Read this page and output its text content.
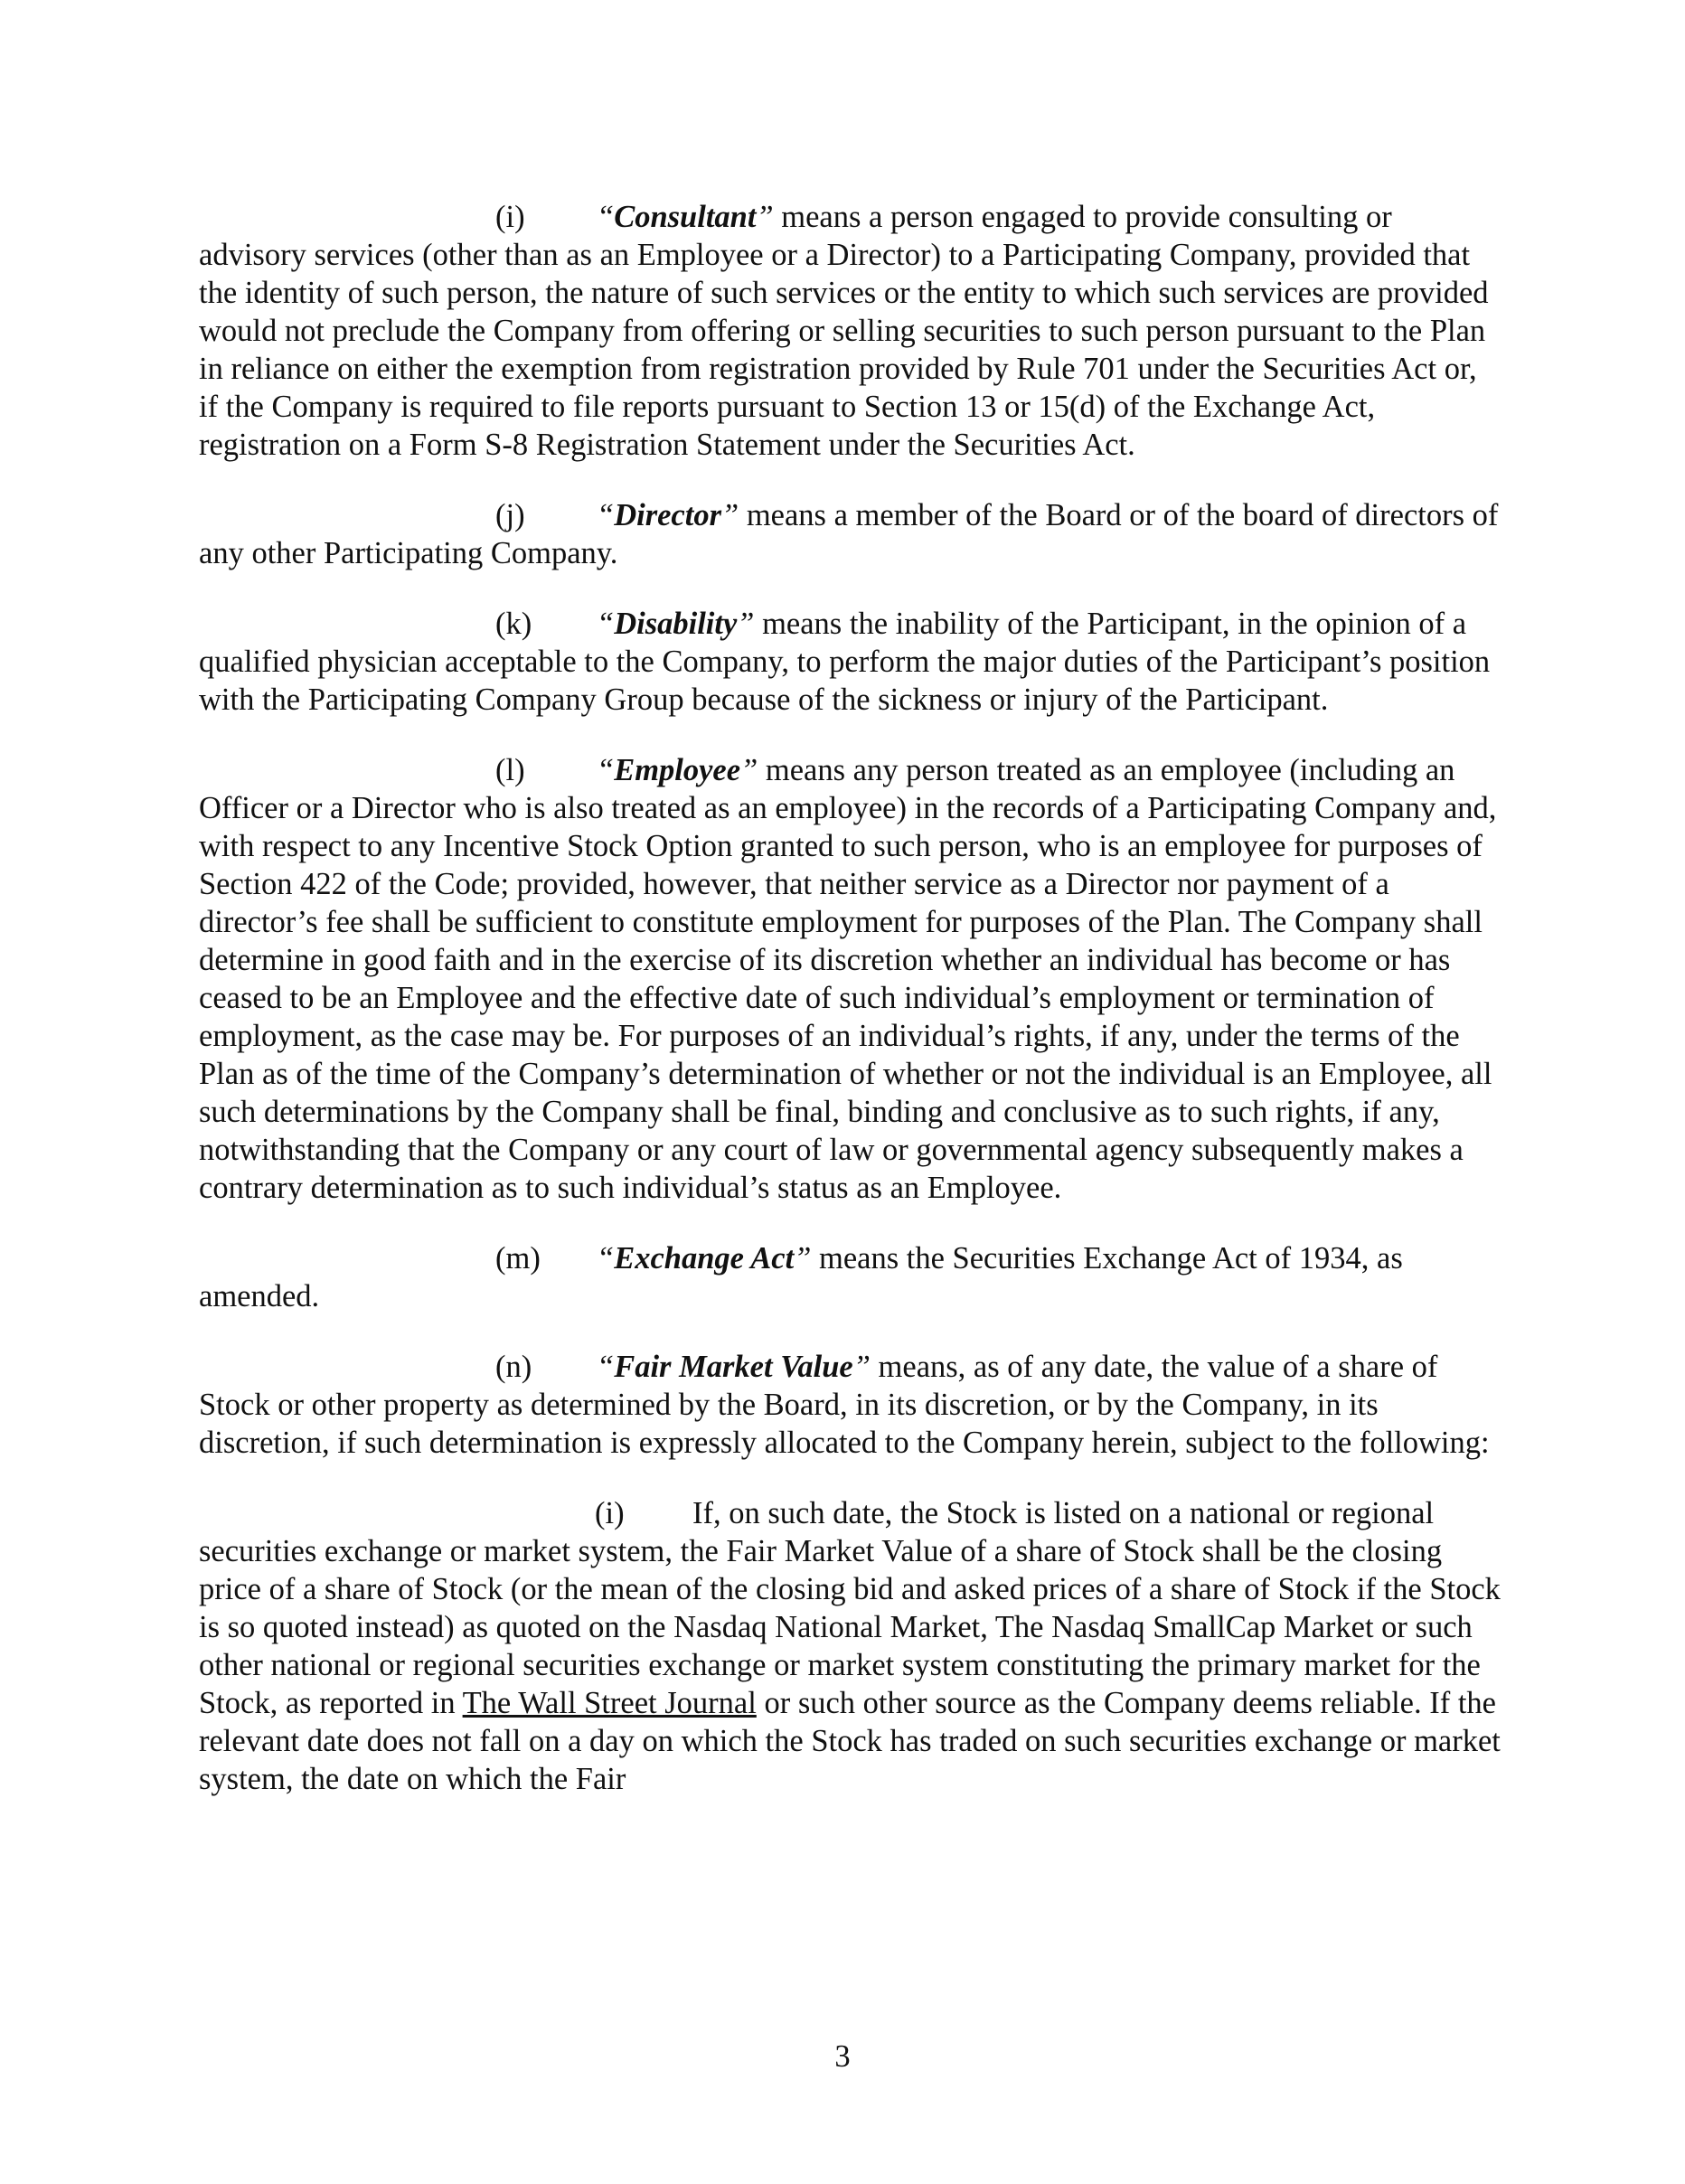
(i) “Consultant” means a person engaged to provide consulting or advisory services (other than as an Employee or a Director) to a Participating Company, provided that the identity of such person, the nature of such services or the entity to which such services are provided would not preclude the Company from offering or selling securities to such person pursuant to the Plan in reliance on either the exemption from registration provided by Rule 701 under the Securities Act or, if the Company is required to file reports pursuant to Section 13 or 15(d) of the Exchange Act, registration on a Form S-8 Registration Statement under the Securities Act.

(j) “Director” means a member of the Board or of the board of directors of any other Participating Company.

(k) “Disability” means the inability of the Participant, in the opinion of a qualified physician acceptable to the Company, to perform the major duties of the Participant’s position with the Participating Company Group because of the sickness or injury of the Participant.

(l) “Employee” means any person treated as an employee (including an Officer or a Director who is also treated as an employee) in the records of a Participating Company and, with respect to any Incentive Stock Option granted to such person, who is an employee for purposes of Section 422 of the Code; provided, however, that neither service as a Director nor payment of a director’s fee shall be sufficient to constitute employment for purposes of the Plan. The Company shall determine in good faith and in the exercise of its discretion whether an individual has become or has ceased to be an Employee and the effective date of such individual’s employment or termination of employment, as the case may be. For purposes of an individual’s rights, if any, under the terms of the Plan as of the time of the Company’s determination of whether or not the individual is an Employee, all such determinations by the Company shall be final, binding and conclusive as to such rights, if any, notwithstanding that the Company or any court of law or governmental agency subsequently makes a contrary determination as to such individual’s status as an Employee.

(m) “Exchange Act” means the Securities Exchange Act of 1934, as
amended.

(n) “Fair Market Value” means, as of any date, the value of a share of Stock or other property as determined by the Board, in its discretion, or by the Company, in its discretion, if such determination is expressly allocated to the Company herein, subject to the following:

(i) If, on such date, the Stock is listed on a national or regional securities exchange or market system, the Fair Market Value of a share of Stock shall be the closing price of a share of Stock (or the mean of the closing bid and asked prices of a share of Stock if the Stock is so quoted instead) as quoted on the Nasdaq National Market, The Nasdaq SmallCap Market or such other national or regional securities exchange or market system constituting the primary market for the Stock, as reported in The Wall Street Journal or such other source as the Company deems reliable. If the relevant date does not fall on a day on which the Stock has traded on such securities exchange or market system, the date on which the Fair

3
